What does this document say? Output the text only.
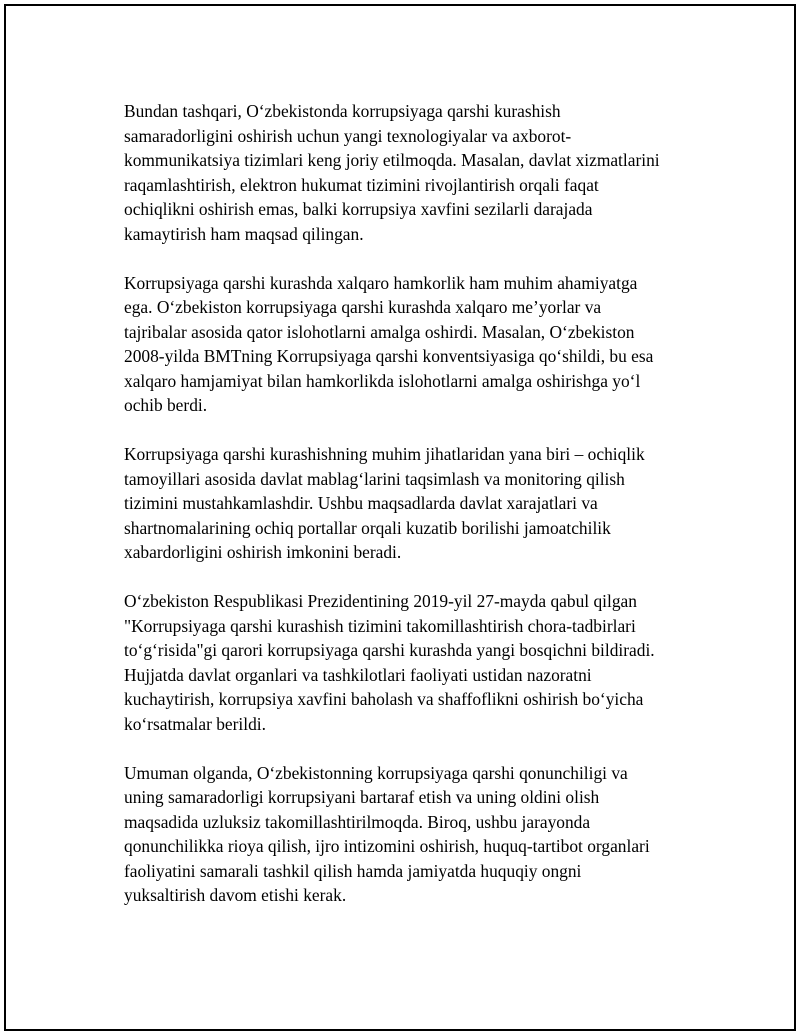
Bundan tashqari, O‘zbekistonda korrupsiyaga qarshi kurashish
samaradorligini oshirish uchun yangi texnologiyalar va axborot-
kommunikatsiya tizimlari keng joriy etilmoqda. Masalan, davlat xizmatlarini
raqamlashtirish, elektron hukumat tizimini rivojlantirish orqali faqat
ochiqlikni oshirish emas, balki korrupsiya xavfini sezilarli darajada
kamaytirish ham maqsad qilingan.

Korrupsiyaga qarshi kurashda xalqaro hamkorlik ham muhim ahamiyatga
ega. O‘zbekiston korrupsiyaga qarshi kurashda xalqaro me’yorlar va
tajribalar asosida qator islohotlarni amalga oshirdi. Masalan, O‘zbekiston
2008-yilda BMTning Korrupsiyaga qarshi konventsiyasiga qo‘shildi, bu esa
xalqaro hamjamiyat bilan hamkorlikda islohotlarni amalga oshirishga yo‘l
ochib berdi.

Korrupsiyaga qarshi kurashishning muhim jihatlaridan yana biri – ochiqlik
tamoyillari asosida davlat mablag‘larini taqsimlash va monitoring qilish
tizimini mustahkamlashdir. Ushbu maqsadlarda davlat xarajatlari va
shartnomalarining ochiq portallar orqali kuzatib borilishi jamoatchilik
xabardorligini oshirish imkonini beradi.

O‘zbekiston Respublikasi Prezidentining 2019-yil 27-mayda qabul qilgan
"Korrupsiyaga qarshi kurashish tizimini takomillashtirish chora-tadbirlari
to‘g‘risida"gi qarori korrupsiyaga qarshi kurashda yangi bosqichni bildiradi.
Hujjatda davlat organlari va tashkilotlari faoliyati ustidan nazoratni
kuchaytirish, korrupsiya xavfini baholash va shaffoflikni oshirish bo‘yicha
ko‘rsatmalar berildi.

Umuman olganda, O‘zbekistonning korrupsiyaga qarshi qonunchiligi va
uning samaradorligi korrupsiyani bartaraf etish va uning oldini olish
maqsadida uzluksiz takomillashtirilmoqda. Biroq, ushbu jarayonda
qonunchilikka rioya qilish, ijro intizomini oshirish, huquq-tartibot organlari
faoliyatini samarali tashkil qilish hamda jamiyatda huquqiy ongni
yuksaltirish davom etishi kerak.
